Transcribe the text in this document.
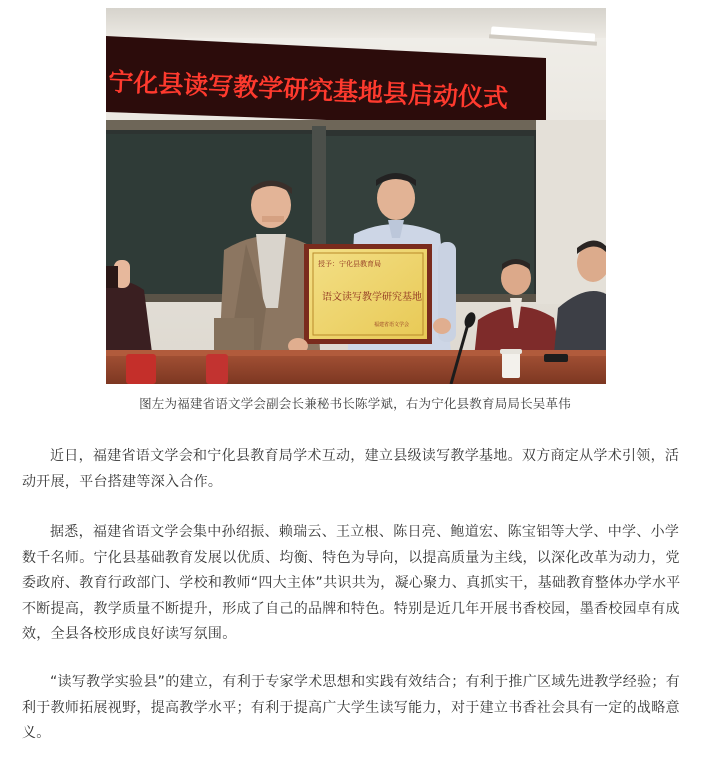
宁化县读写教学研究基地县启动仪式
授予：宁化县教育局
语文读写教学研究基地
福建省语文学会
图左为福建省语文学会副会长兼秘书长陈学斌，右为宁化县教育局局长吴革伟

近日，福建省语文学会和宁化县教育局学术互动，建立县级读写教学基地。双方商定从学术引领，活动开展，平台搭建等深入合作。

据悉，福建省语文学会集中孙绍振、赖瑞云、王立根、陈日亮、鲍道宏、陈宝铝等大学、中学、小学数千名师。宁化县基础教育发展以优质、均衡、特色为导向，以提高质量为主线，以深化改革为动力，党委政府、教育行政部门、学校和教师“四大主体”共识共为，凝心聚力、真抓实干，基础教育整体办学水平不断提高，教学质量不断提升，形成了自己的品牌和特色。特别是近几年开展书香校园，墨香校园卓有成效，全县各校形成良好读写氛围。

“读写教学实验县”的建立，有利于专家学术思想和实践有效结合；有利于推广区域先进教学经验；有利于教师拓展视野，提高教学水平；有利于提高广大学生读写能力，对于建立书香社会具有一定的战略意义。
